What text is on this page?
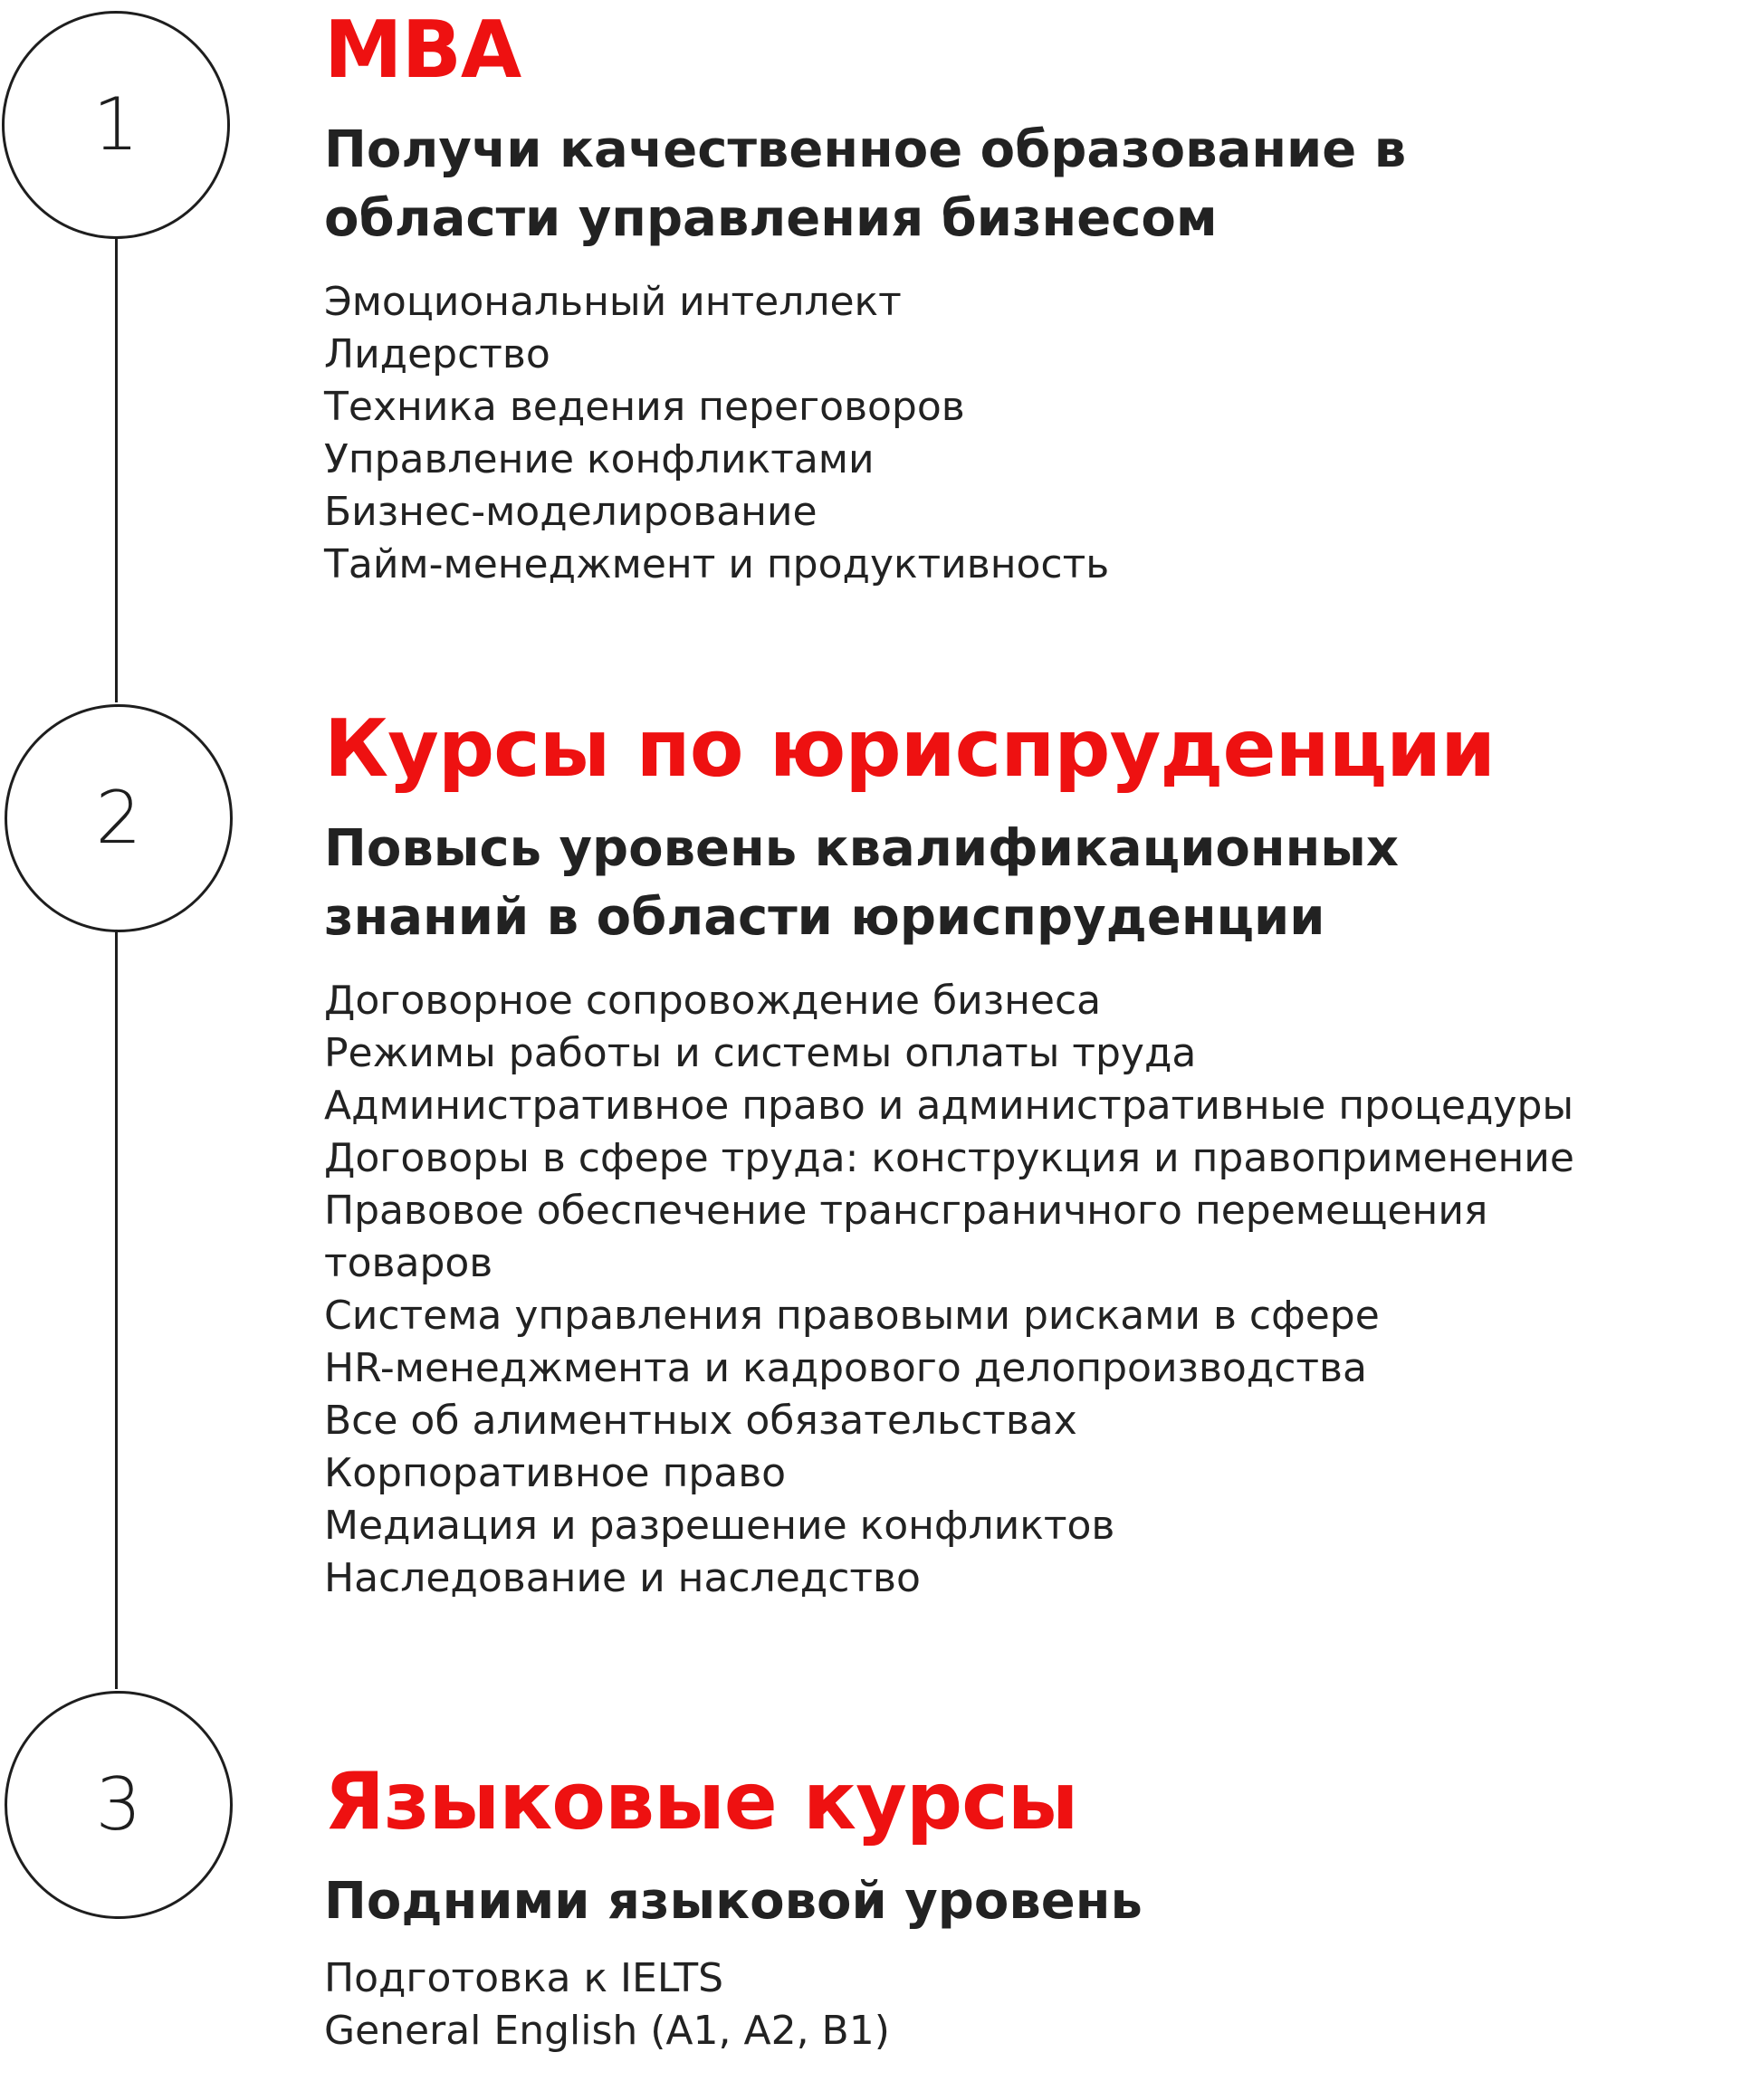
1
2
3
MBA
Получи качественное образование в
области управления бизнесом
Эмоциональный интеллект
Лидерство
Техника ведения переговоров
Управление конфликтами
Бизнес-моделирование
Тайм-менеджмент и продуктивность
Курсы по юриспруденции
Повысь уровень квалификационных
знаний в области юриспруденции
Договорное сопровождение бизнеса
Режимы работы и системы оплаты труда
Административное право и административные процедуры
Договоры в сфере труда: конструкция и правоприменение
Правовое обеспечение трансграничного перемещения
товаров
Система управления правовыми рисками в сфере
HR-менеджмента и кадрового делопроизводства
Все об алиментных обязательствах
Корпоративное право
Медиация и разрешение конфликтов
Наследование и наследство
Языковые курсы
Подними языковой уровень
Подготовка к IELTS
General English (A1, A2, B1)
